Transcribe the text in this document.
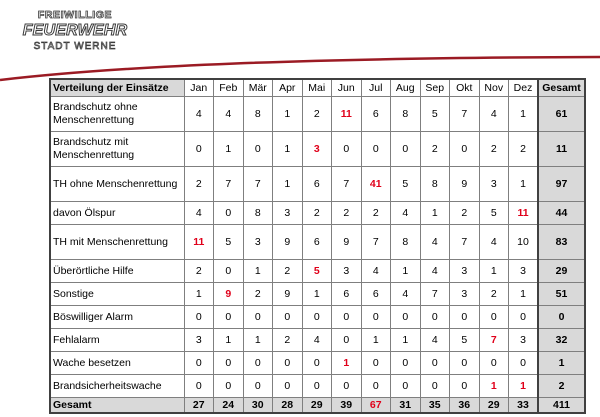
FREIWILLIGE
FEUERWEHR
STADT WERNE
Verteilung der Einsätze	Jan	Feb	Mär	Apr	Mai	Jun	Jul	Aug	Sep	Okt	Nov	Dez	Gesamt
Brandschutz ohne Menschenrettung	4	4	8	1	2	11	6	8	5	7	4	1	61
Brandschutz mit Menschenrettung	0	1	0	1	3	0	0	0	2	0	2	2	11
TH ohne Menschenrettung	2	7	7	1	6	7	41	5	8	9	3	1	97
davon Ölspur	4	0	8	3	2	2	2	4	1	2	5	11	44
TH mit Menschenrettung	11	5	3	9	6	9	7	8	4	7	4	10	83
Überörtliche Hilfe	2	0	1	2	5	3	4	1	4	3	1	3	29
Sonstige	1	9	2	9	1	6	6	4	7	3	2	1	51
Böswilliger Alarm	0	0	0	0	0	0	0	0	0	0	0	0	0
Fehlalarm	3	1	1	2	4	0	1	1	4	5	7	3	32
Wache besetzen	0	0	0	0	0	1	0	0	0	0	0	0	1
Brandsicherheitswache	0	0	0	0	0	0	0	0	0	0	1	1	2
Gesamt	27	24	30	28	29	39	67	31	35	36	29	33	411
